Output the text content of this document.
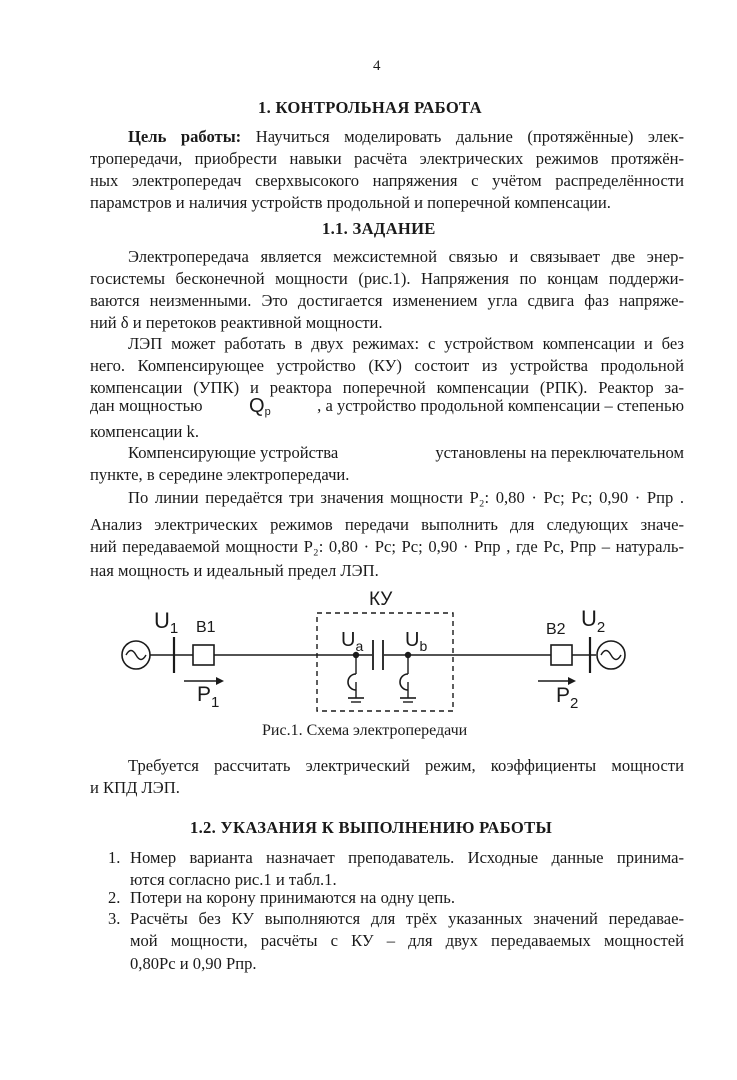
4
1. КОНТРОЛЬНАЯ РАБОТА
Цель работы: Научиться моделировать дальние (протяжённые) элек-
тропередачи, приобрести навыки расчёта электрических режимов протяжён-
ных электропередач сверхвысокого напряжения с учётом распределённости
парамстров и наличия устройств продольной и поперечной компенсации.
1.1. ЗАДАНИЕ
Электропередача является межсистемной связью и связывает две энер-
госистемы бесконечной мощности (рис.1). Напряжения по концам поддержи-
ваются неизменными. Это достигается изменением угла сдвига фаз напряже-
ний δ и перетоков реактивной мощности.
ЛЭП может работать в двух режимах: с устройством компенсации и без
него. Компенсирующее устройство (КУ) состоит из устройства продольной
компенсации (УПК) и реактора поперечной компенсации (РПК). Реактор за-
дан мощностью $Q_р$	, а устройство продольной компенсации – степенью
компенсации k.
Компенсирующие устройства	установлены на переключательном
пункте, в середине электропередачи.
По линии передаётся три значения мощности P₂: 0,80 · Pc; Pc; 0,90 · Pпр .
Анализ электрических режимов передачи выполнить для следующих значе-
ний передаваемой мощности P₂: 0,80 · Pc; Pc; 0,90 · Pпр , где Pc, Pпр – натураль-
ная мощность и идеальный предел ЛЭП.
КУ
$U_1$ B1
$P_1$
$U_a$ $U_b$
B2 $U_2$
$P_2$
Рис.1. Схема электропередачи
Требуется рассчитать электрический режим, коэффициенты мощности
и КПД ЛЭП.
1.2. УКАЗАНИЯ К ВЫПОЛНЕНИЮ РАБОТЫ
1. Номер варианта назначает преподаватель. Исходные данные принима-
ются согласно рис.1 и табл.1.
2. Потери на корону принимаются на одну цепь.
3. Расчёты без КУ выполняются для трёх указанных значений передавае-
мой мощности, расчёты с КУ – для двух передаваемых мощностей
0,80Pc и 0,90 Pпр.
